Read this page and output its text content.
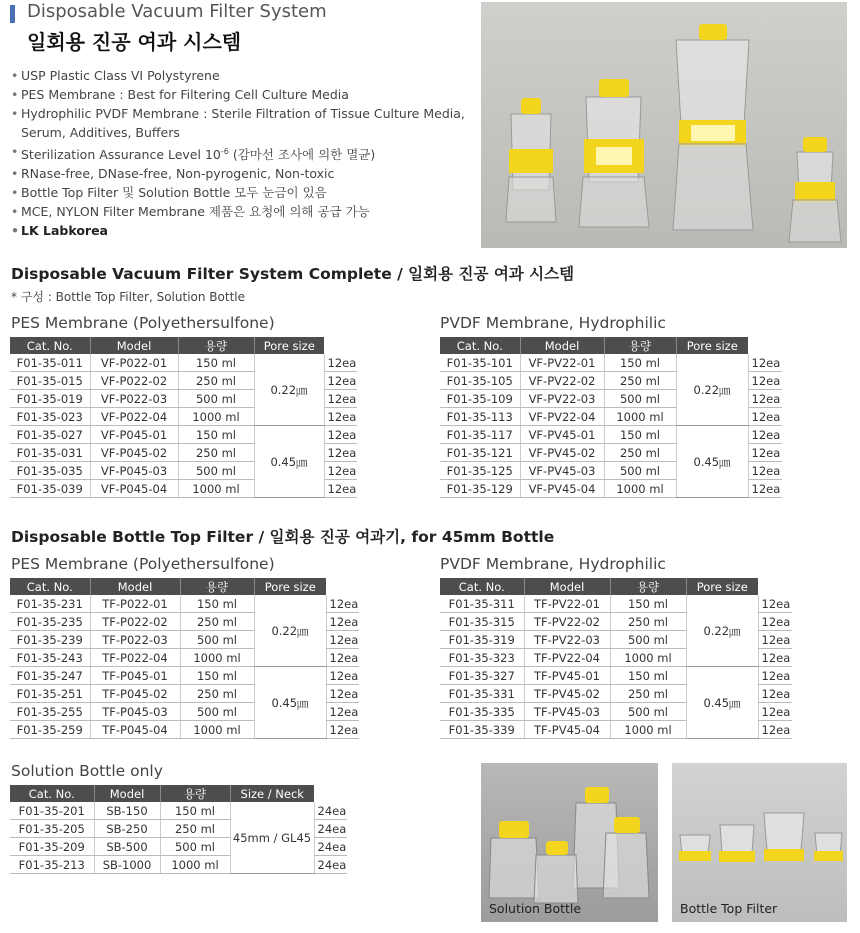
Disposable Vacuum Filter System
일회용 진공 여과 시스템
• USP Plastic Class VI Polystyrene
• PES Membrane : Best for Filtering Cell Culture Media
• Hydrophilic PVDF Membrane : Sterile Filtration of Tissue Culture Media,
Serum, Additives, Buffers
• Sterilization Assurance Level $10^{-6}$ (감마선 조사에 의한 멸균)
• RNase-free, DNase-free, Non-pyrogenic, Non-toxic
• Bottle Top Filter 및 Solution Bottle 모두 눈금이 있음
• MCE, NYLON Filter Membrane 제품은 요청에 의해 공급 가능
• LK Labkorea
Disposable Vacuum Filter System Complete / 일회용 진공 여과 시스템
* 구성 : Bottle Top Filter, Solution Bottle
PES Membrane (Polyethersulfone)
Cat. No.	Model	용량	Pore size	
F01-35-011	VF-P022-01	150 ml	0.22㎛	12ea
F01-35-015	VF-P022-02	250 ml		12ea
F01-35-019	VF-P022-03	500 ml		12ea
F01-35-023	VF-P022-04	1000 ml		12ea
F01-35-027	VF-P045-01	150 ml	0.45㎛	12ea
F01-35-031	VF-P045-02	250 ml		12ea
F01-35-035	VF-P045-03	500 ml		12ea
F01-35-039	VF-P045-04	1000 ml		12ea
PVDF Membrane, Hydrophilic
Cat. No.	Model	용량	Pore size	
F01-35-101	VF-PV22-01	150 ml	0.22㎛	12ea
F01-35-105	VF-PV22-02	250 ml		12ea
F01-35-109	VF-PV22-03	500 ml		12ea
F01-35-113	VF-PV22-04	1000 ml		12ea
F01-35-117	VF-PV45-01	150 ml	0.45㎛	12ea
F01-35-121	VF-PV45-02	250 ml		12ea
F01-35-125	VF-PV45-03	500 ml		12ea
F01-35-129	VF-PV45-04	1000 ml		12ea
Disposable Bottle Top Filter / 일회용 진공 여과기, for 45mm Bottle
PES Membrane (Polyethersulfone)
Cat. No.	Model	용량	Pore size	
F01-35-231	TF-P022-01	150 ml	0.22㎛	12ea
F01-35-235	TF-P022-02	250 ml		12ea
F01-35-239	TF-P022-03	500 ml		12ea
F01-35-243	TF-P022-04	1000 ml		12ea
F01-35-247	TF-P045-01	150 ml	0.45㎛	12ea
F01-35-251	TF-P045-02	250 ml		12ea
F01-35-255	TF-P045-03	500 ml		12ea
F01-35-259	TF-P045-04	1000 ml		12ea
PVDF Membrane, Hydrophilic
Cat. No.	Model	용량	Pore size	
F01-35-311	TF-PV22-01	150 ml	0.22㎛	12ea
F01-35-315	TF-PV22-02	250 ml		12ea
F01-35-319	TF-PV22-03	500 ml		12ea
F01-35-323	TF-PV22-04	1000 ml		12ea
F01-35-327	TF-PV45-01	150 ml	0.45㎛	12ea
F01-35-331	TF-PV45-02	250 ml		12ea
F01-35-335	TF-PV45-03	500 ml		12ea
F01-35-339	TF-PV45-04	1000 ml		12ea
Solution Bottle only
Cat. No.	Model	용량	Size / Neck	
F01-35-201	SB-150	150 ml	45mm / GL45	24ea
F01-35-205	SB-250	250 ml		24ea
F01-35-209	SB-500	500 ml		24ea
F01-35-213	SB-1000	1000 ml		24ea
Solution Bottle	Bottle Top Filter
